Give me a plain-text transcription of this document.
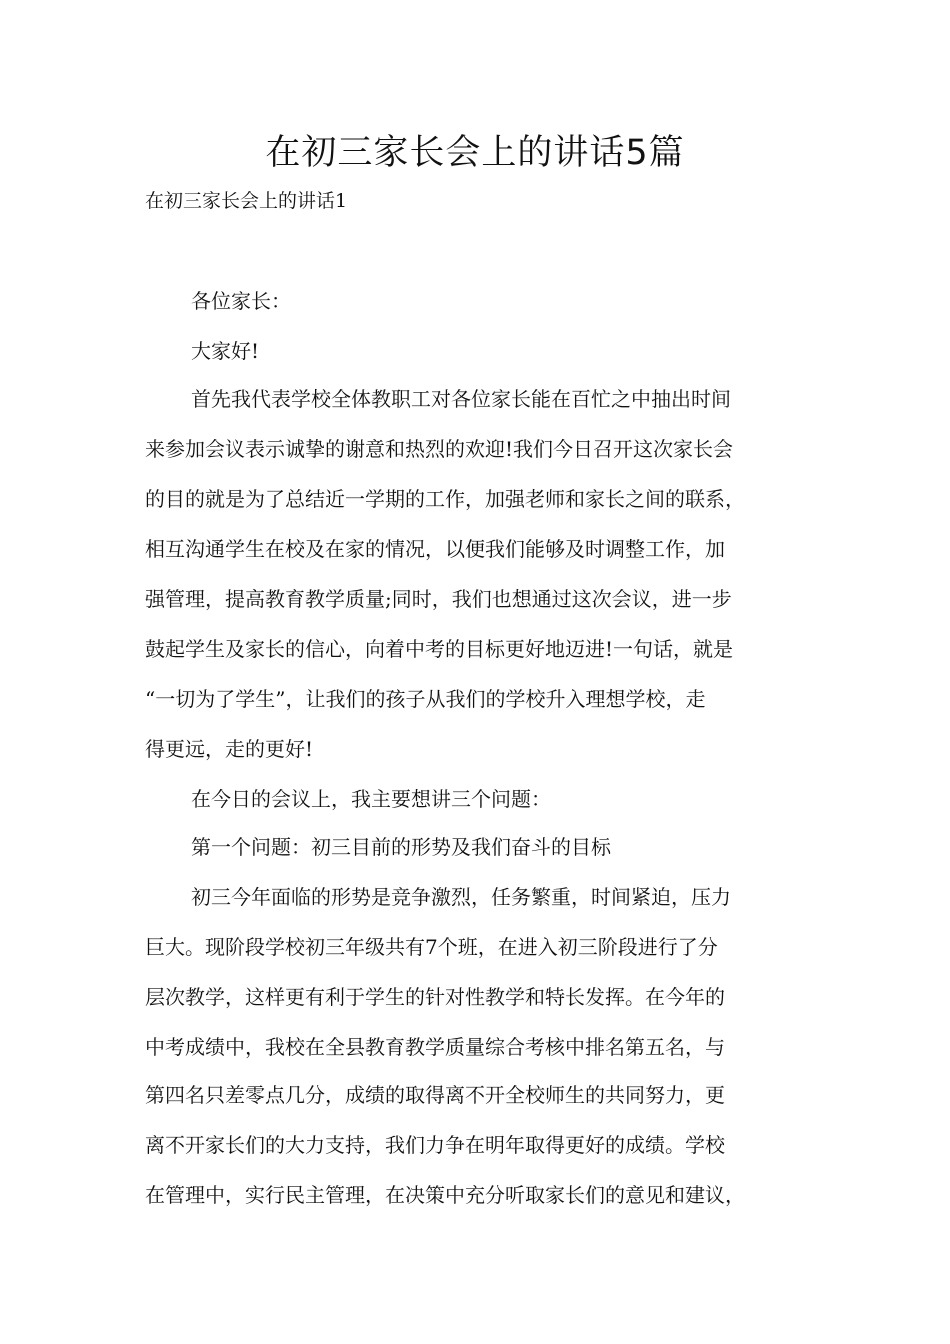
在初三家长会上的讲话5篇

在初三家长会上的讲话1

各位家长：
大家好!
首先我代表学校全体教职工对各位家长能在百忙之中抽出时间
来参加会议表示诚挚的谢意和热烈的欢迎!我们今日召开这次家长会
的目的就是为了总结近一学期的工作，加强老师和家长之间的联系，
相互沟通学生在校及在家的情况，以便我们能够及时调整工作，加
强管理，提高教育教学质量;同时，我们也想通过这次会议，进一步
鼓起学生及家长的信心，向着中考的目标更好地迈进!一句话，就是
“一切为了学生”，让我们的孩子从我们的学校升入理想学校，走
得更远，走的更好!
在今日的会议上，我主要想讲三个问题：
第一个问题：初三目前的形势及我们奋斗的目标
初三今年面临的形势是竞争激烈，任务繁重，时间紧迫，压力
巨大。现阶段学校初三年级共有7个班，在进入初三阶段进行了分
层次教学，这样更有利于学生的针对性教学和特长发挥。在今年的
中考成绩中，我校在全县教育教学质量综合考核中排名第五名，与
第四名只差零点几分，成绩的取得离不开全校师生的共同努力，更
离不开家长们的大力支持，我们力争在明年取得更好的成绩。学校
在管理中，实行民主管理，在决策中充分听取家长们的意见和建议，
